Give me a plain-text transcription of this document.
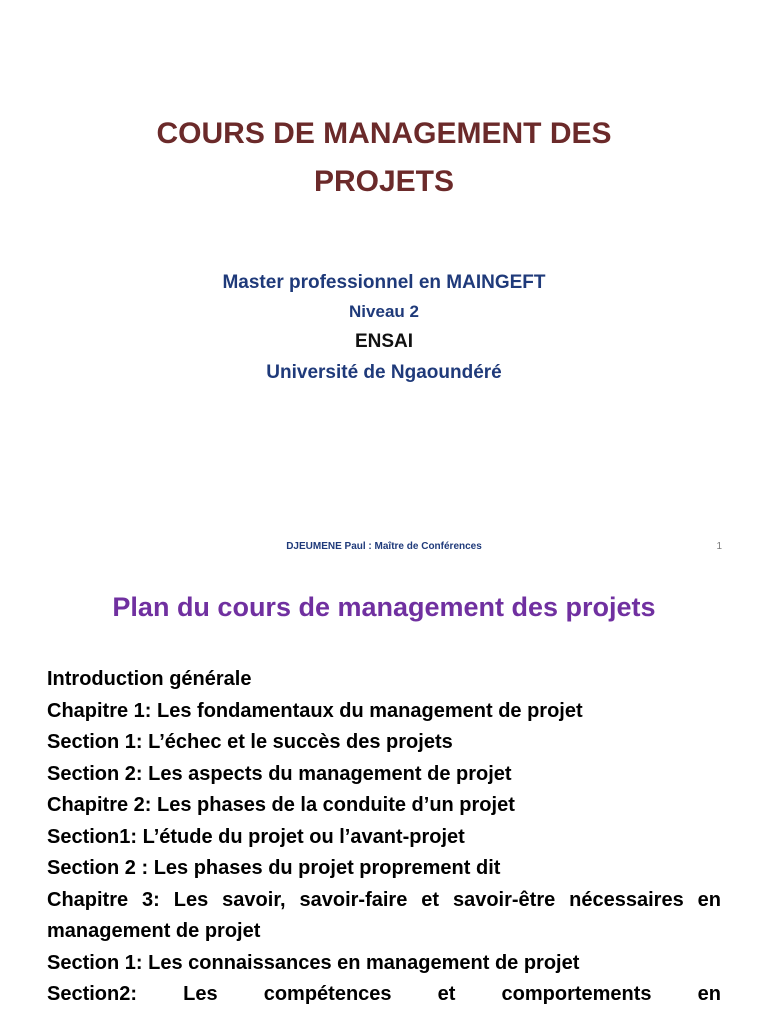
COURS DE MANAGEMENT DES
PROJETS
Master professionnel en MAINGEFT
Niveau 2
ENSAI
Université de Ngaoundéré
DJEUMENE Paul : Maître de Conférences	1
Plan du cours de management des projets
Introduction générale
Chapitre 1: Les fondamentaux du management de projet
Section 1: L’échec et le succès des projets
Section 2: Les aspects du management de projet
Chapitre 2: Les phases de la conduite d’un projet
Section1: L’étude du projet ou l’avant-projet
Section 2 : Les phases du projet proprement dit
Chapitre 3: Les savoir, savoir-faire et savoir-être nécessaires en management de projet
Section 1: Les connaissances en management de projet
Section2: Les compétences et comportements en
